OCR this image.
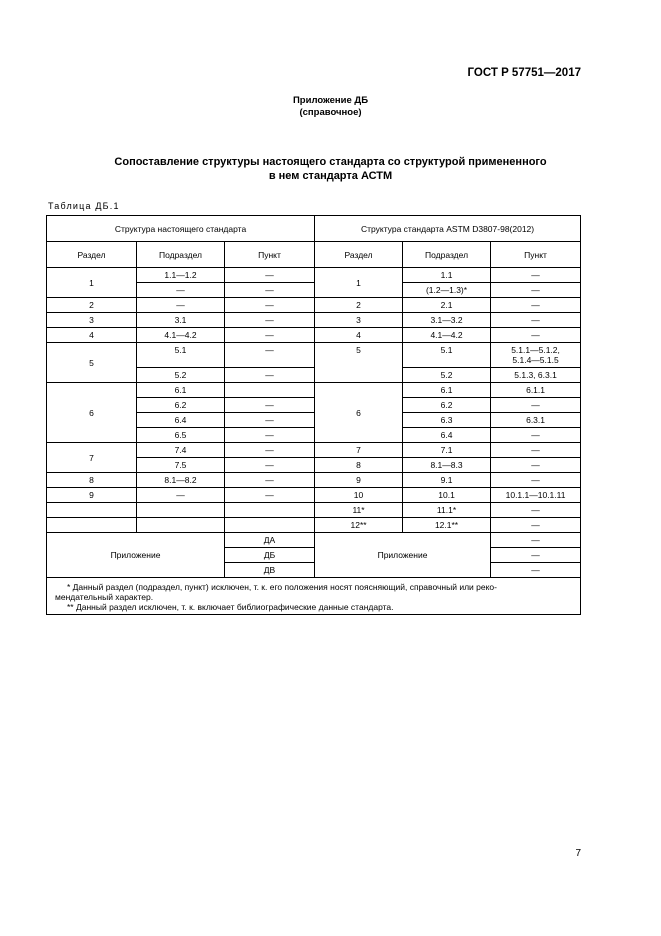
ГОСТ Р 57751—2017
Приложение ДБ
(справочное)
Сопоставление структуры настоящего стандарта со структурой примененного
в нем стандарта АСТМ
Таблица ДБ.1
Структура настоящего стандарта			Структура стандарта ASTM D3807-98(2012)		
Раздел	Подраздел	Пункт	Раздел	Подраздел	Пункт
1	1.1—1.2	—	1	1.1	—
	—	—		(1.2—1.3)*	—
2	—	—	2	2.1	—
3	3.1	—	3	3.1—3.2	—
4	4.1—4.2	—	4	4.1—4.2	—
5	5.1	—	5	5.1	5.1.1—5.1.2,
5.1.4—5.1.5

	5.2	—		5.2	5.1.3, 6.3.1
6	6.1		6	6.1	6.1.1
	6.2	—		6.2	—
	6.4	—		6.3	6.3.1
	6.5	—		6.4	—
7	7.4	—	7	7.1	—
	7.5	—	8	8.1—8.3	—
8	8.1—8.2	—	9	9.1	—
9	—	—	10	10.1	10.1.1—10.1.11
			11*	11.1*	—
			12**	12.1**	—
Приложение		ДА	Приложение		—
		ДБ			—
		ДВ			—

* Данный раздел (подраздел, пункт) исключен, т. к. его положения носят поясняющий, справочный или реко-
мендательный характер.
** Данный раздел исключен, т. к. включает библиографические данные стандарта.					
7
